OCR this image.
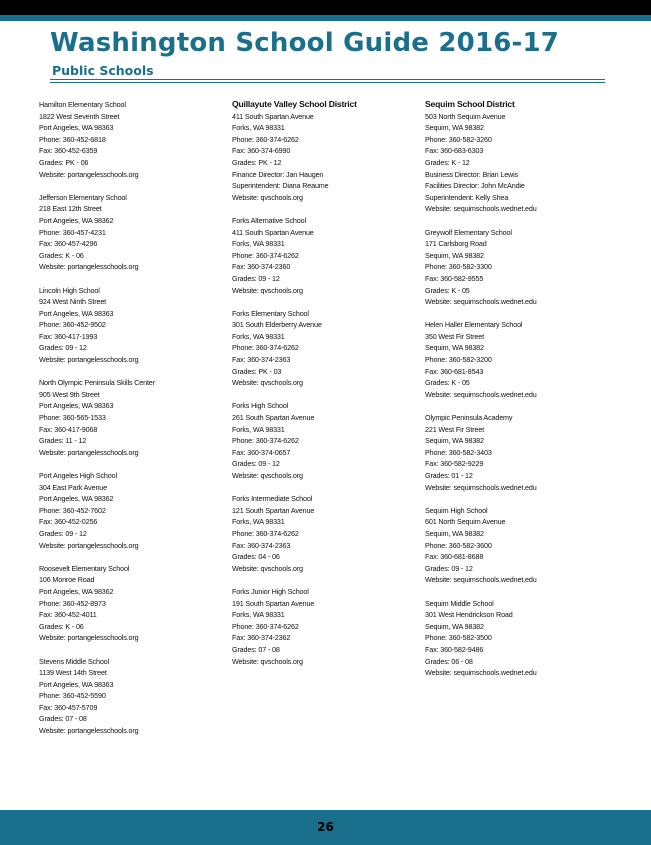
Washington School Guide 2016-17
Public Schools
Hamilton Elementary School
1822 West Seventh Street
Port Angeles, WA 98363
Phone: 360-452-6818
Fax: 360-452-6359
Grades: PK - 06
Website: portangelesschools.org
Jefferson Elementary School
218 East 12th Street
Port Angeles, WA 98362
Phone: 360-457-4231
Fax: 360-457-4296
Grades: K - 06
Website: portangelesschools.org
Lincoln High School
924 West Ninth Street
Port Angeles, WA 98363
Phone: 360-452-9502
Fax: 360-417-1993
Grades: 09 - 12
Website: portangelesschools.org
North Olympic Peninsula Skills Center
905 West 9th Street
Port Angeles, WA 98363
Phone: 360-565-1533
Fax: 360-417-9068
Grades: 11 - 12
Website: portangelesschools.org
Port Angeles High School
304 East Park Avenue
Port Angeles, WA 98362
Phone: 360-452-7602
Fax: 360-452-0256
Grades: 09 - 12
Website: portangelesschools.org
Roosevelt Elementary School
106 Monroe Road
Port Angeles, WA 98362
Phone: 360-452-8973
Fax: 360-452-4011
Grades: K - 06
Website: portangelesschools.org
Stevens Middle School
1139 West 14th Street
Port Angeles, WA 98363
Phone: 360-452-5590
Fax: 360-457-5709
Grades: 07 - 08
Website: portangelesschools.org
Quillayute Valley School District
411 South Spartan Avenue
Forks, WA 98331
Phone: 360-374-6262
Fax: 360-374-6990
Grades: PK - 12
Finance Director: Jan Haugen
Superintendent: Diana Reaume
Website: qvschools.org
Forks Alternative School
411 South Spartan Avenue
Forks, WA 98331
Phone: 360-374-6262
Fax: 360-374-2360
Grades: 09 - 12
Website: qvschools.org
Forks Elementary School
301 South Elderberry Avenue
Forks, WA 98331
Phone: 360-374-6262
Fax: 360-374-2363
Grades: PK - 03
Website: qvschools.org
Forks High School
261 South Spartan Avenue
Forks, WA 98331
Phone: 360-374-6262
Fax: 360-374-0657
Grades: 09 - 12
Website: qvschools.org
Forks Intermediate School
121 South Spartan Avenue
Forks, WA 98331
Phone: 360-374-6262
Fax: 360-374-2363
Grades: 04 - 06
Website: qvschools.org
Forks Junior High School
191 South Spartan Avenue
Forks, WA 98331
Phone: 360-374-6262
Fax: 360-374-2362
Grades: 07 - 08
Website: qvschools.org
Sequim School District
503 North Sequim Avenue
Sequim, WA 98382
Phone: 360-582-3260
Fax: 360-683-6303
Grades: K - 12
Business Director: Brian Lewis
Facilities Director: John McAndie
Superintendent: Kelly Shea
Website: sequimschools.wednet.edu
Greywolf Elementary School
171 Carlsborg Road
Sequim, WA 98382
Phone: 360-582-3300
Fax: 360-582-9555
Grades: K - 05
Website: sequimschools.wednet.edu
Helen Haller Elementary School
350 West Fir Street
Sequim, WA 98382
Phone: 360-582-3200
Fax: 360-681-8543
Grades: K - 05
Website: sequimschools.wednet.edu
Olympic Peninsula Academy
221 West Fir Street
Sequim, WA 98382
Phone: 360-582-3403
Fax: 360-582-9229
Grades: 01 - 12
Website: sequimschools.wednet.edu
Sequim High School
601 North Sequim Avenue
Sequim, WA 98382
Phone: 360-582-3600
Fax: 360-681-8688
Grades: 09 - 12
Website: sequimschools.wednet.edu
Sequim Middle School
301 West Hendrickson Road
Sequim, WA 98382
Phone: 360-582-3500
Fax: 360-582-9486
Grades: 06 - 08
Website: sequimschools.wednet.edu
26
